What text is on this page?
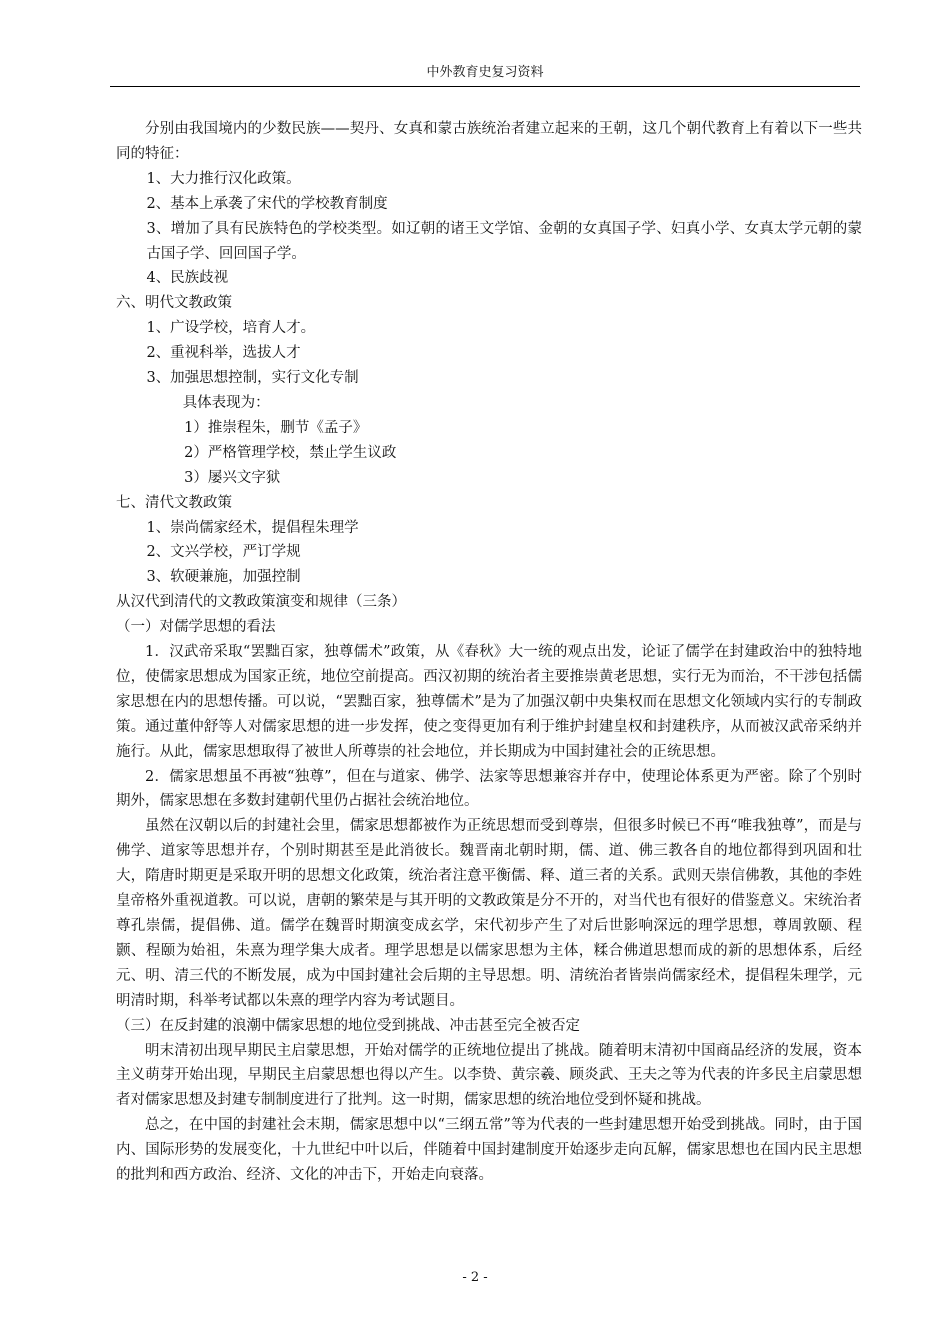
中外教育史复习资料

分别由我国境内的少数民族——契丹、女真和蒙古族统治者建立起来的王朝，这几个朝代教育上有着以下一些共同的特征：

1、大力推行汉化政策。

2、基本上承袭了宋代的学校教育制度

3、增加了具有民族特色的学校类型。如辽朝的诸王文学馆、金朝的女真国子学、妇真小学、女真太学元朝的蒙古国子学、回回国子学。

4、民族歧视

六、明代文教政策

1、广设学校，培育人才。

2、重视科举，选拔人才

3、加强思想控制，实行文化专制

具体表现为：

1）推崇程朱，删节《孟子》

2）严格管理学校，禁止学生议政

3）屡兴文字狱

七、清代文教政策

1、崇尚儒家经术，提倡程朱理学

2、文兴学校，严订学规

3、软硬兼施，加强控制

从汉代到清代的文教政策演变和规律（三条）

（一）对儒学思想的看法

1．汉武帝采取“罢黜百家，独尊儒术”政策，从《春秋》大一统的观点出发，论证了儒学在封建政治中的独特地位，使儒家思想成为国家正统，地位空前提高。西汉初期的统治者主要推崇黄老思想，实行无为而治，不干涉包括儒家思想在内的思想传播。可以说，“罢黜百家，独尊儒术”是为了加强汉朝中央集权而在思想文化领域内实行的专制政策。通过董仲舒等人对儒家思想的进一步发挥，使之变得更加有利于维护封建皇权和封建秩序，从而被汉武帝采纳并施行。从此，儒家思想取得了被世人所尊崇的社会地位，并长期成为中国封建社会的正统思想。

2．儒家思想虽不再被“独尊”，但在与道家、佛学、法家等思想兼容并存中，使理论体系更为严密。除了个别时期外，儒家思想在多数封建朝代里仍占据社会统治地位。

虽然在汉朝以后的封建社会里，儒家思想都被作为正统思想而受到尊崇，但很多时候已不再“唯我独尊”，而是与佛学、道家等思想并存，个别时期甚至是此消彼长。魏晋南北朝时期，儒、道、佛三教各自的地位都得到巩固和壮大，隋唐时期更是采取开明的思想文化政策，统治者注意平衡儒、释、道三者的关系。武则天崇信佛教，其他的李姓皇帝格外重视道教。可以说，唐朝的繁荣是与其开明的文教政策是分不开的，对当代也有很好的借鉴意义。宋统治者尊孔崇儒，提倡佛、道。儒学在魏晋时期演变成玄学，宋代初步产生了对后世影响深远的理学思想，尊周敦颐、程颢、程颐为始祖，朱熹为理学集大成者。理学思想是以儒家思想为主体，糅合佛道思想而成的新的思想体系，后经元、明、清三代的不断发展，成为中国封建社会后期的主导思想。明、清统治者皆崇尚儒家经术，提倡程朱理学，元明清时期，科举考试都以朱熹的理学内容为考试题目。

（三）在反封建的浪潮中儒家思想的地位受到挑战、冲击甚至完全被否定

明末清初出现早期民主启蒙思想，开始对儒学的正统地位提出了挑战。随着明末清初中国商品经济的发展，资本主义萌芽开始出现，早期民主启蒙思想也得以产生。以李贽、黄宗羲、顾炎武、王夫之等为代表的许多民主启蒙思想者对儒家思想及封建专制制度进行了批判。这一时期，儒家思想的统治地位受到怀疑和挑战。

总之，在中国的封建社会末期，儒家思想中以“三纲五常”等为代表的一些封建思想开始受到挑战。同时，由于国内、国际形势的发展变化，十九世纪中叶以后，伴随着中国封建制度开始逐步走向瓦解，儒家思想也在国内民主思想的批判和西方政治、经济、文化的冲击下，开始走向衰落。

- 2 -
